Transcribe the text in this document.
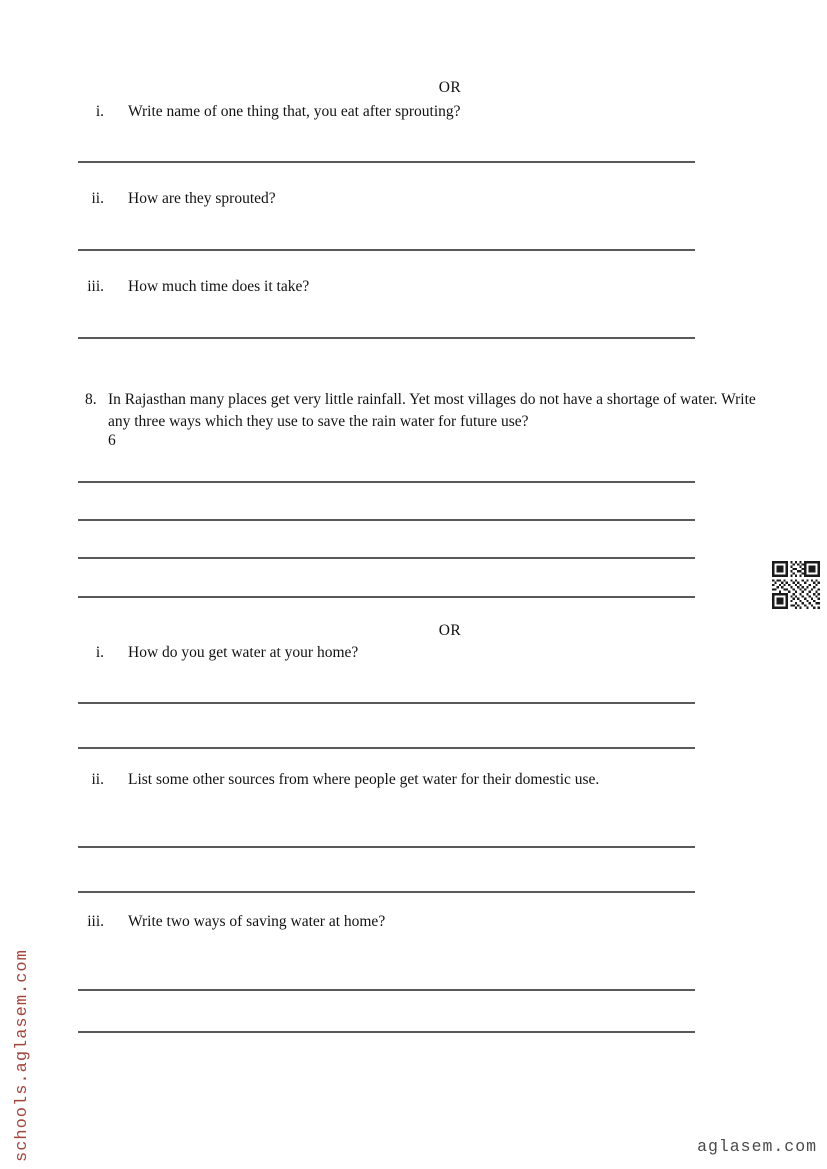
OR
i. Write name of one thing that, you eat after sprouting?
ii. How are they sprouted?
iii. How much time does it take?
8. In Rajasthan many places get very little rainfall. Yet most villages do not have a shortage of water. Write any three ways which they use to save the rain water for future use?
6
OR
i. How do you get water at your home?
ii. List some other sources from where people get water for their domestic use.
iii. Write two ways of saving water at home?
schools.aglasem.com	aglasem.com
